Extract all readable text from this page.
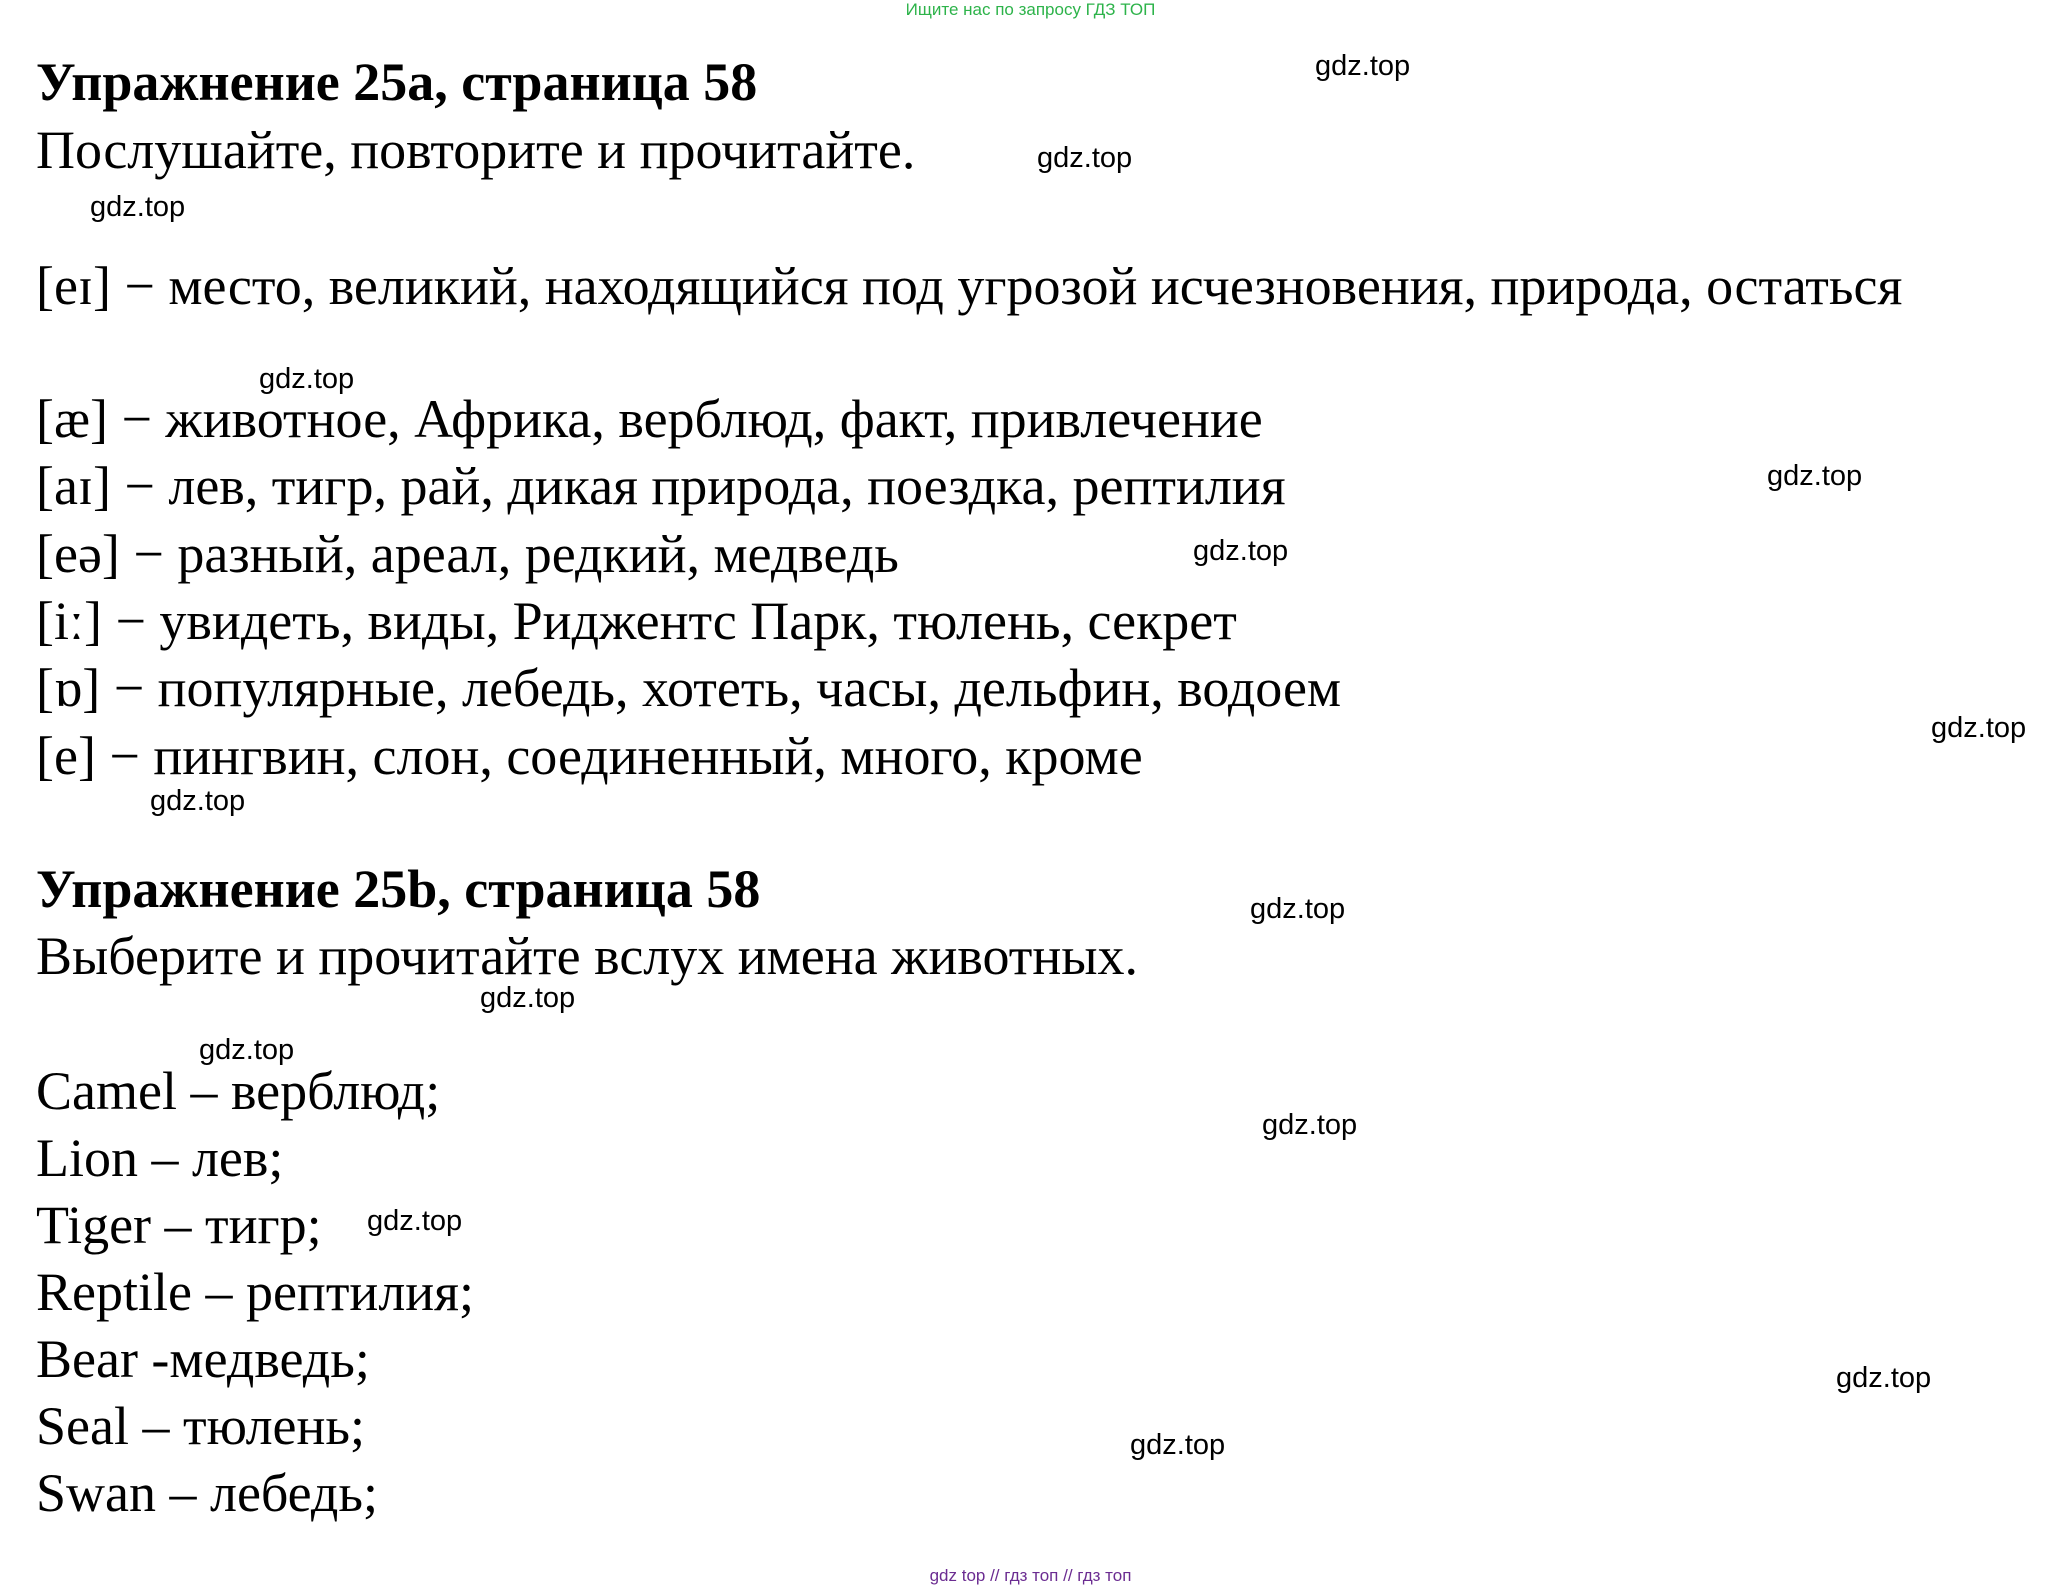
Ищите нас по запросу ГДЗ ТОП
Упражнение 25a, страница 58
Послушайте, повторите и прочитайте.
[eɪ] − место, великий, находящийся под угрозой исчезновения, природа, остаться
[æ] − животное, Африка, верблюд, факт, привлечение
[aɪ] − лев, тигр, рай, дикая природа, поездка, рептилия
[eə] − разный, ареал, редкий, медведь
[iː] − увидеть, виды, Риджентс Парк, тюлень, секрет
[ɒ] − популярные, лебедь, хотеть, часы, дельфин, водоем
[e] − пингвин, слон, соединенный, много, кроме
Упражнение 25b, страница 58
Выберите и прочитайте вслух имена животных.
Camel – верблюд;
Lion – лев;
Tiger – тигр;
Reptile – рептилия;
Bear -медведь;
Seal – тюлень;
Swan – лебедь;
gdz.top
gdz.top
gdz.top
gdz.top
gdz.top
gdz.top
gdz.top
gdz.top
gdz.top
gdz.top
gdz.top
gdz.top
gdz.top
gdz.top
gdz.top
gdz top // гдз топ // гдз топ
